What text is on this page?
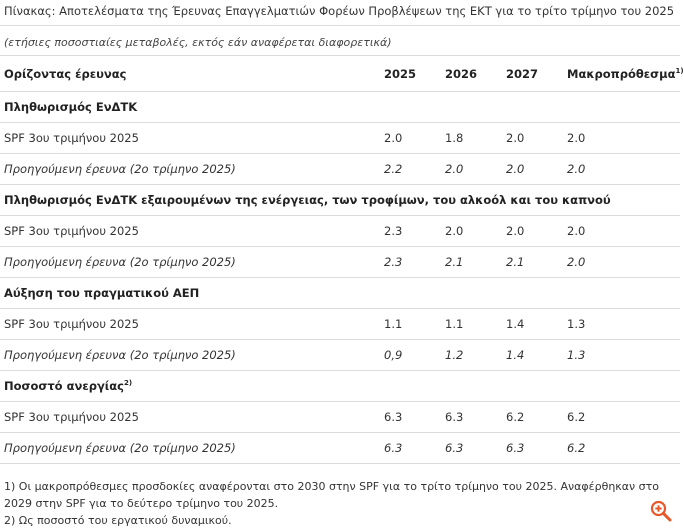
Πίνακας: Αποτελέσματα της Έρευνας Επαγγελματιών Φορέων Προβλέψεων της ΕΚΤ για το τρίτο τρίμηνο του 2025
(ετήσιες ποσοστιαίες μεταβολές, εκτός εάν αναφέρεται διαφορετικά)
Ορίζοντας έρευνας	2025	2026	2027	Μακροπρόθεσμα$^{1)}$
Πληθωρισμός ΕνΔΤΚ				
SPF 3ου τριμήνου 2025	2.0	1.8	2.0	2.0
Προηγούμενη έρευνα (2ο τρίμηνο 2025)	2.2	2.0	2.0	2.0
Πληθωρισμός ΕνΔΤΚ εξαιρουμένων της ενέργειας, των τροφίμων, του αλκοόλ και του καπνού				
SPF 3ου τριμήνου 2025	2.3	2.0	2.0	2.0
Προηγούμενη έρευνα (2ο τρίμηνο 2025)	2.3	2.1	2.1	2.0
Αύξηση του πραγματικού ΑΕΠ				
SPF 3ου τριμήνου 2025	1.1	1.1	1.4	1.3
Προηγούμενη έρευνα (2ο τρίμηνο 2025)	0,9	1.2	1.4	1.3
Ποσοστό ανεργίας$^{2)}$
SPF 3ου τριμήνου 2025	6.3	6.3	6.2	6.2
Προηγούμενη έρευνα (2ο τρίμηνο 2025)	6.3	6.3	6.3	6.2
1) Οι μακροπρόθεσμες προσδοκίες αναφέρονται στο 2030 στην SPF για το τρίτο τρίμηνο του 2025. Αναφέρθηκαν στο 2029 στην SPF για το δεύτερο τρίμηνο του 2025.
2) Ως ποσοστό του εργατικού δυναμικού.
